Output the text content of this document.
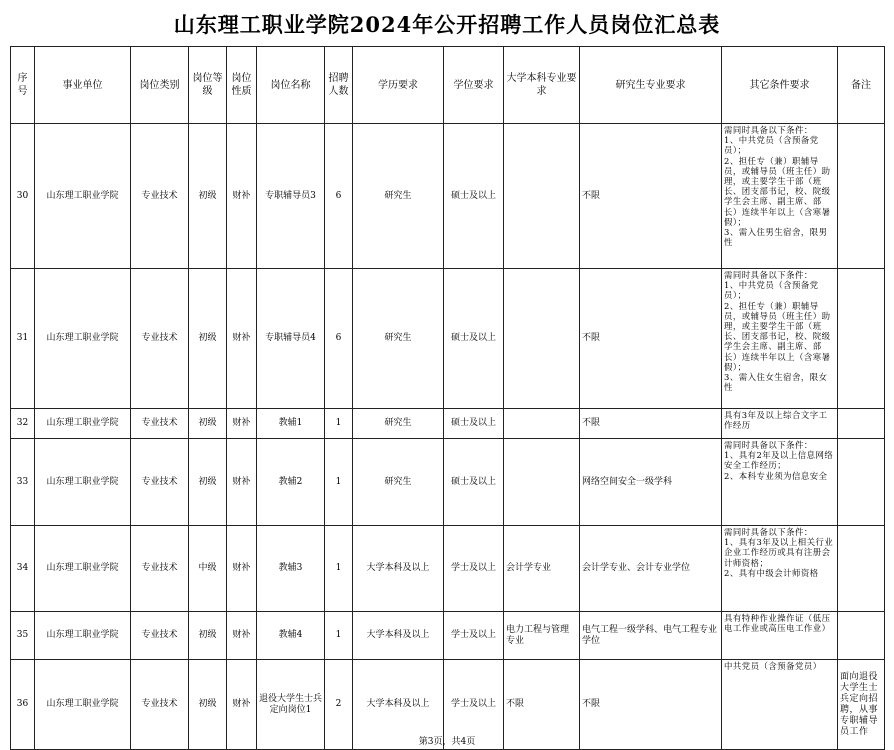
山东理工职业学院2024年公开招聘工作人员岗位汇总表
序号	事业单位	岗位类别	岗位等级	岗位性质	岗位名称	招聘人数	学历要求	学位要求	大学本科专业要求	研究生专业要求	其它条件要求	备注
30	山东理工职业学院	专业技术	初级	财补	专职辅导员3	6	研究生	硕士及以上		不限	需同时具备以下条件：
1、中共党员（含预备党员）；
2、担任专（兼）职辅导员，或辅导员（班主任）助理，或主要学生干部（班长、团支部书记，校、院级学生会主席、副主席、部长）连续半年以上（含寒暑假）；
3、需入住男生宿舍，限男性	
31	山东理工职业学院	专业技术	初级	财补	专职辅导员4	6	研究生	硕士及以上		不限	需同时具备以下条件：
1、中共党员（含预备党员）；
2、担任专（兼）职辅导员，或辅导员（班主任）助理，或主要学生干部（班长、团支部书记，校、院级学生会主席、副主席、部长）连续半年以上（含寒暑假）；
3、需入住女生宿舍，限女性	
32	山东理工职业学院	专业技术	初级	财补	教辅1	1	研究生	硕士及以上		不限	具有3年及以上综合文字工作经历	
33	山东理工职业学院	专业技术	初级	财补	教辅2	1	研究生	硕士及以上		网络空间安全一级学科	需同时具备以下条件：
1、具有2年及以上信息网络安全工作经历；
2、本科专业须为信息安全	
34	山东理工职业学院	专业技术	中级	财补	教辅3	1	大学本科及以上	学士及以上	会计学专业	会计学专业、会计专业学位	需同时具备以下条件：
1、具有3年及以上相关行业企业工作经历或具有注册会计师资格；
2、具有中级会计师资格	
35	山东理工职业学院	专业技术	初级	财补	教辅4	1	大学本科及以上	学士及以上	电力工程与管理专业	电气工程一级学科、电气工程专业学位	具有特种作业操作证（低压电工作业或高压电工作业）	
36	山东理工职业学院	专业技术	初级	财补	退役大学生士兵定向岗位1	2	大学本科及以上	学士及以上	不限	不限	中共党员（含预备党员）	面向退役大学生士兵定向招聘，从事专职辅导员工作
第3页，共4页
